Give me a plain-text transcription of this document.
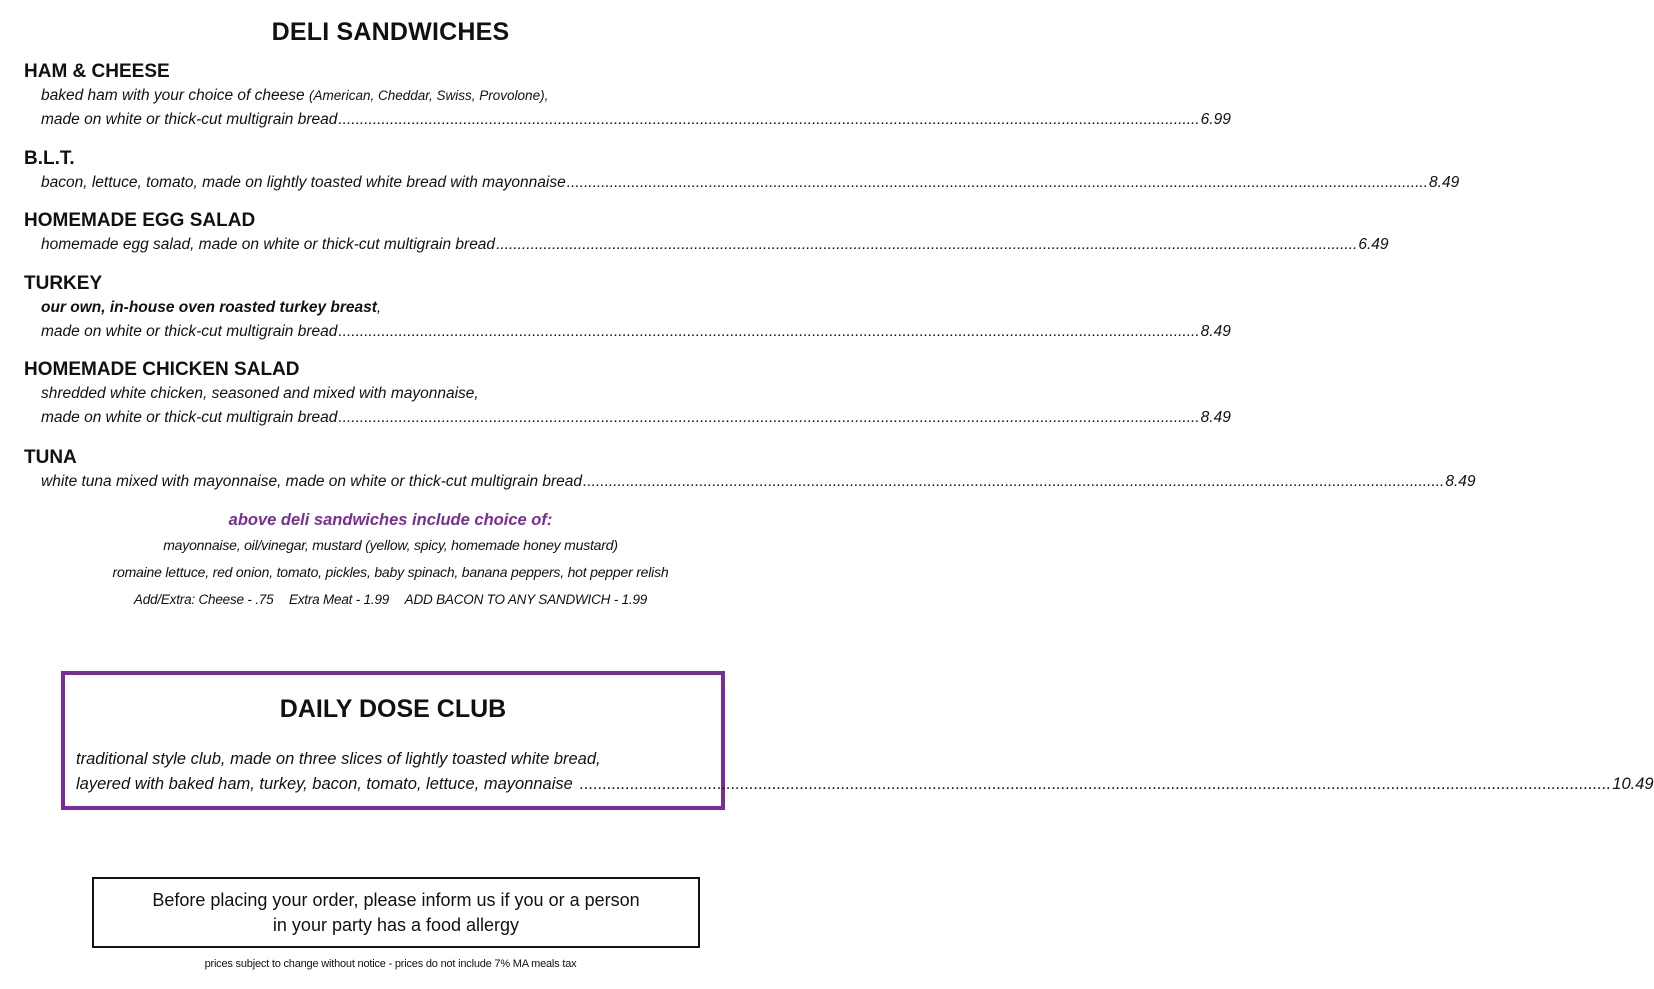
DELI SANDWICHES
HAM & CHEESE
baked ham with your choice of cheese (American, Cheddar, Swiss, Provolone),
made on white or thick-cut multigrain bread .....	6.99
B.L.T.
bacon, lettuce, tomato, made on lightly toasted white bread with mayonnaise .....	8.49
HOMEMADE EGG SALAD
homemade egg salad, made on white or thick-cut multigrain bread .....	6.49
TURKEY
our own, in-house oven roasted turkey breast,
made on white or thick-cut multigrain bread .....	8.49
HOMEMADE CHICKEN SALAD
shredded white chicken, seasoned and mixed with mayonnaise,
made on white or thick-cut multigrain bread .....	8.49
TUNA
white tuna mixed with mayonnaise, made on white or thick-cut multigrain bread .....	8.49
above deli sandwiches include choice of:
mayonnaise, oil/vinegar, mustard (yellow, spicy, homemade honey mustard)
romaine lettuce, red onion, tomato, pickles, baby spinach, banana peppers, hot pepper relish
Add/Extra: Cheese - .75 Extra Meat - 1.99 ADD BACON TO ANY SANDWICH - 1.99
DAILY DOSE CLUB
traditional style club, made on three slices of lightly toasted white bread,
layered with baked ham, turkey, bacon, tomato, lettuce, mayonnaise	..... ......................... 10.49
Before placing your order, please inform us if you or a person
in your party has a food allergy
prices subject to change without notice - prices do not include 7% MA meals tax
